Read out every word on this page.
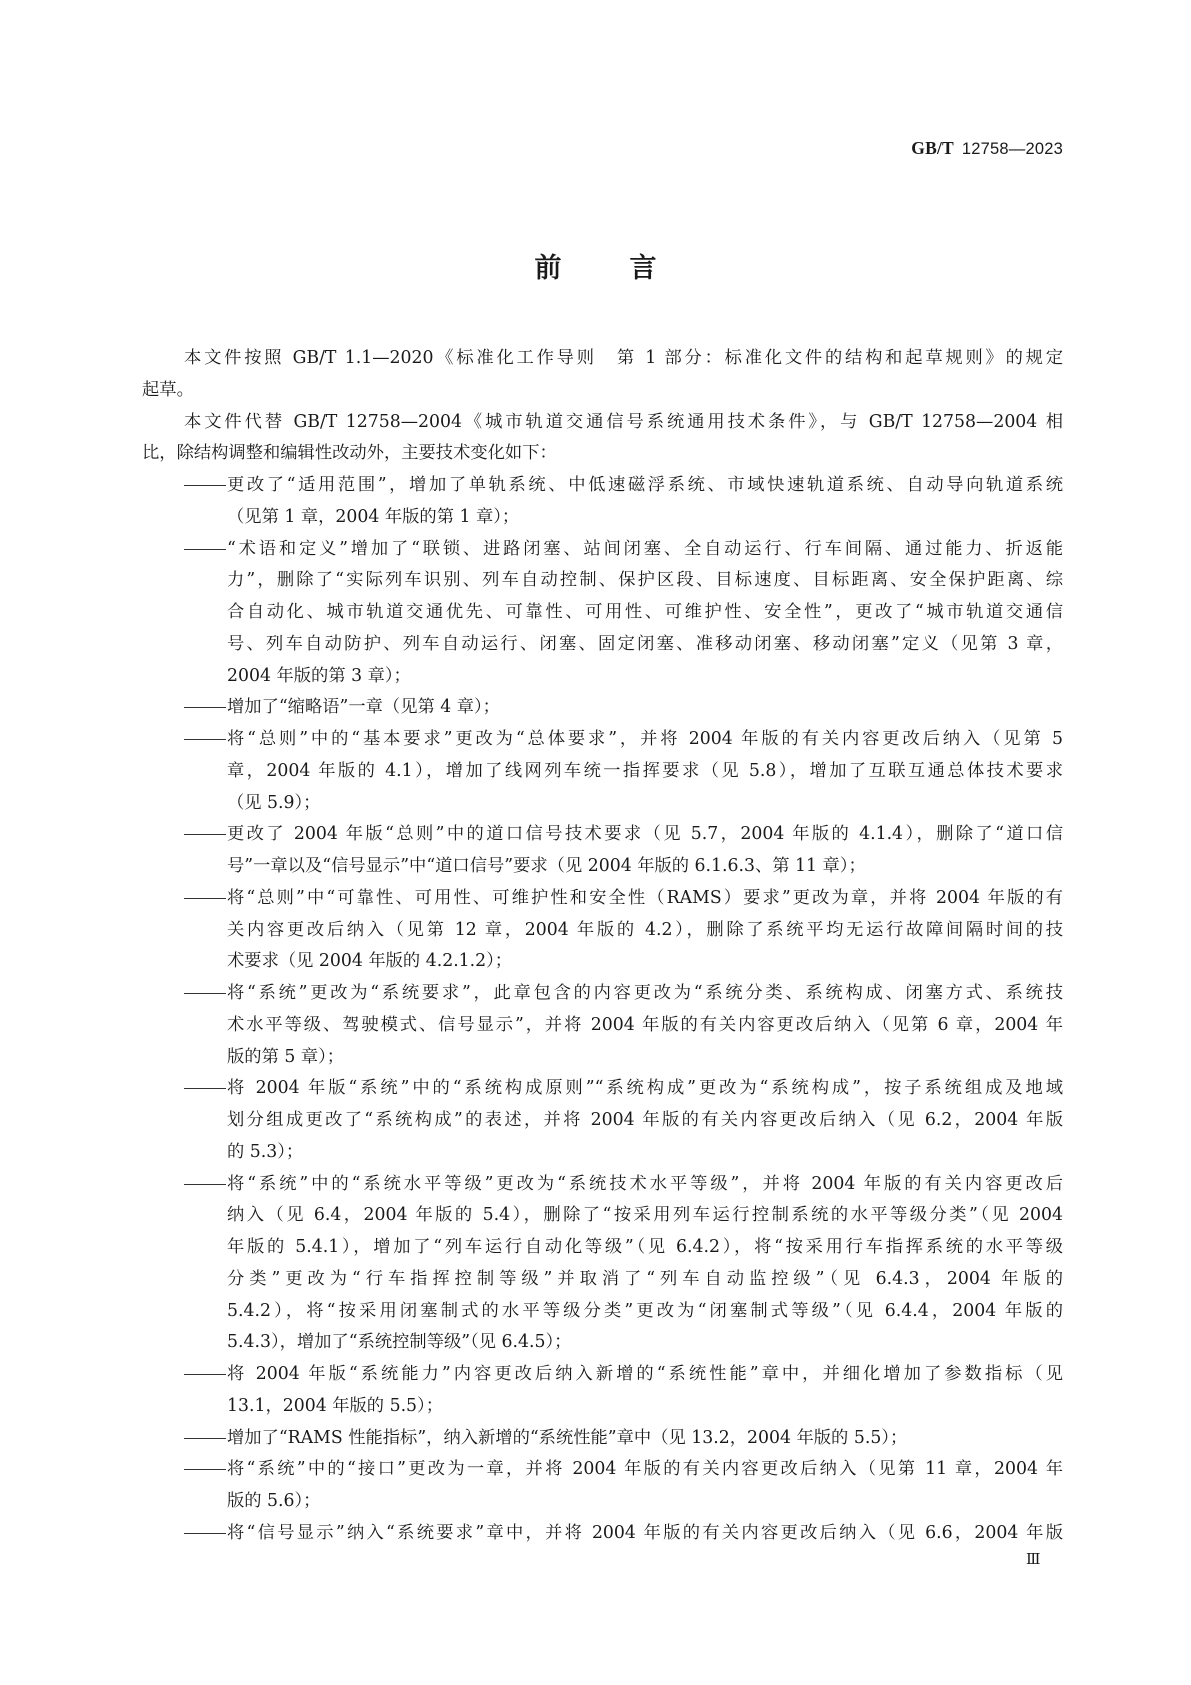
GB/T 12758—2023
前言
本文件按照 GB/T 1.1—2020《标准化工作导则　第 1 部分：标准化文件的结构和起草规则》的规定
起草。
本文件代替 GB/T 12758—2004《城市轨道交通信号系统通用技术条件》，与 GB/T 12758—2004 相
比，除结构调整和编辑性改动外，主要技术变化如下：
更改了“适用范围”，增加了单轨系统、中低速磁浮系统、市域快速轨道系统、自动导向轨道系统
（见第 1 章，2004 年版的第 1 章）；
“术语和定义”增加了“联锁、进路闭塞、站间闭塞、全自动运行、行车间隔、通过能力、折返能
力”，删除了“实际列车识别、列车自动控制、保护区段、目标速度、目标距离、安全保护距离、综
合自动化、城市轨道交通优先、可靠性、可用性、可维护性、安全性”，更改了“城市轨道交通信
号、列车自动防护、列车自动运行、闭塞、固定闭塞、准移动闭塞、移动闭塞”定义（见第 3 章，
2004 年版的第 3 章）；
增加了“缩略语”一章（见第 4 章）；
将“总则”中的“基本要求”更改为“总体要求”，并将 2004 年版的有关内容更改后纳入（见第 5
章，2004 年版的 4.1），增加了线网列车统一指挥要求（见 5.8），增加了互联互通总体技术要求
（见 5.9）；
更改了 2004 年版“总则”中的道口信号技术要求（见 5.7，2004 年版的 4.1.4），删除了“道口信
号”一章以及“信号显示”中“道口信号”要求（见 2004 年版的 6.1.6.3、第 11 章）；
将“总则”中“可靠性、可用性、可维护性和安全性（RAMS）要求”更改为章，并将 2004 年版的有
关内容更改后纳入（见第 12 章，2004 年版的 4.2），删除了系统平均无运行故障间隔时间的技
术要求（见 2004 年版的 4.2.1.2）；
将“系统”更改为“系统要求”，此章包含的内容更改为“系统分类、系统构成、闭塞方式、系统技
术水平等级、驾驶模式、信号显示”，并将 2004 年版的有关内容更改后纳入（见第 6 章，2004 年
版的第 5 章）；
将 2004 年版“系统”中的“系统构成原则”“系统构成”更改为“系统构成”，按子系统组成及地域
划分组成更改了“系统构成”的表述，并将 2004 年版的有关内容更改后纳入（见 6.2，2004 年版
的 5.3）；
将“系统”中的“系统水平等级”更改为“系统技术水平等级”，并将 2004 年版的有关内容更改后
纳入（见 6.4，2004 年版的 5.4），删除了“按采用列车运行控制系统的水平等级分类”（见 2004
年版的 5.4.1），增加了“列车运行自动化等级”（见 6.4.2），将“按采用行车指挥系统的水平等级
分类”更改为“行车指挥控制等级”并取消了“列车自动监控级”（见 6.4.3，2004 年版的
5.4.2），将“按采用闭塞制式的水平等级分类”更改为“闭塞制式等级”（见 6.4.4，2004 年版的
5.4.3），增加了“系统控制等级”（见 6.4.5）；
将 2004 年版“系统能力”内容更改后纳入新增的“系统性能”章中，并细化增加了参数指标（见
13.1，2004 年版的 5.5）；
增加了“RAMS 性能指标”，纳入新增的“系统性能”章中（见 13.2，2004 年版的 5.5）；
将“系统”中的“接口”更改为一章，并将 2004 年版的有关内容更改后纳入（见第 11 章，2004 年
版的 5.6）；
将“信号显示”纳入“系统要求”章中，并将 2004 年版的有关内容更改后纳入（见 6.6，2004 年版
Ⅲ
